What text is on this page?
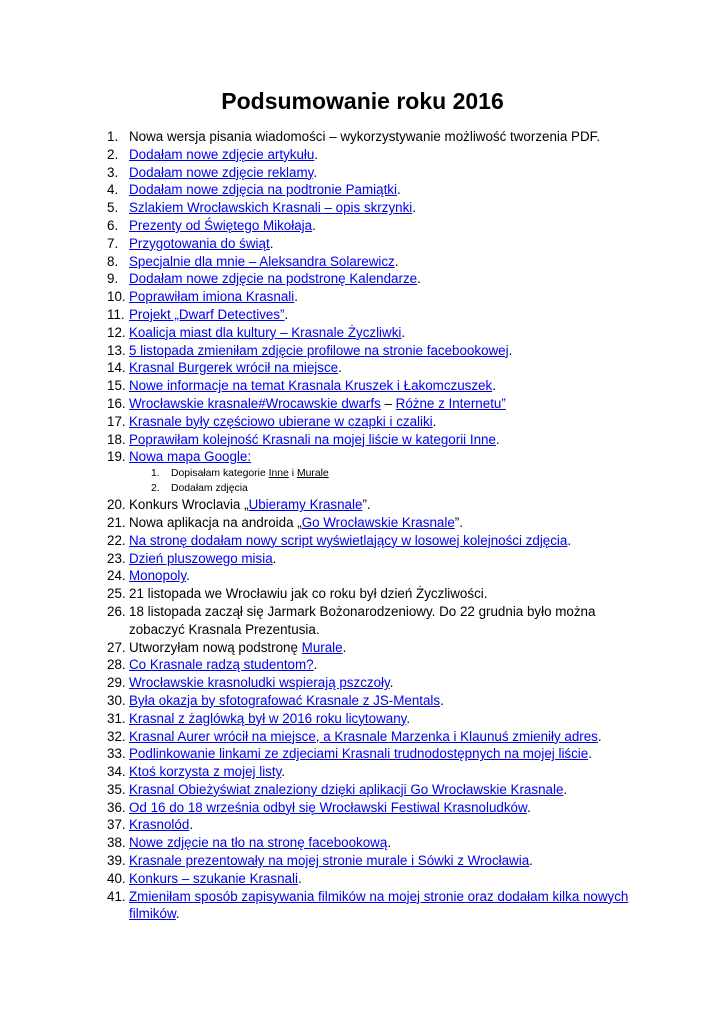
Podsumowanie roku 2016
1. Nowa wersja pisania wiadomości – wykorzystywanie możliwość tworzenia PDF.
2. Dodałam nowe zdjęcie artykułu.
3. Dodałam nowe zdjęcie reklamy.
4. Dodałam nowe zdjęcia na podtronie Pamiątki.
5. Szlakiem Wrocławskich Krasnali – opis skrzynki.
6. Prezenty od Świętego Mikołaja.
7. Przygotowania do świąt.
8. Specjalnie dla mnie – Aleksandra Solarewicz.
9. Dodałam nowe zdjęcie na podstronę Kalendarze.
10. Poprawiłam imiona Krasnali.
11. Projekt „Dwarf Detectives”.
12. Koalicja miast dla kultury – Krasnale Życzliwki.
13. 5 listopada zmieniłam zdjęcie profilowe na stronie facebookowej.
14. Krasnal Burgerek wrócił na miejsce.
15. Nowe informacje na temat Krasnala Kruszek i Łakomczuszek.
16. Wrocławskie krasnale#Wrocawskie dwarfs – Różne z Internetu”
17. Krasnale były częściowo ubierane w czapki i czaliki.
18. Poprawiłam kolejność Krasnali na mojej liście w kategorii Inne.
19. Nowa mapa Google:
1.	Dopisałam kategorie Inne i Murale
2.	Dodałam zdjęcia
20. Konkurs Wroclavia „Ubieramy Krasnale”.
21. Nowa aplikacja na androida „Go Wrocławskie Krasnale”.
22. Na stronę dodałam nowy script wyświetlający w losowej kolejności zdjęcia.
23. Dzień pluszowego misia.
24. Monopoly.
25. 21 listopada we Wrocławiu jak co roku był dzień Życzliwości.
26. 18 listopada zaczął się Jarmark Bożonarodzeniowy. Do 22 grudnia było można zobaczyć Krasnala Prezentusia.
27. Utworzyłam nową podstronę Murale.
28. Co Krasnale radzą studentom?.
29. Wrocławskie krasnoludki wspierają pszczoły.
30. Była okazja by sfotografować Krasnale z JS-Mentals.
31. Krasnal z żaglówką był w 2016 roku licytowany.
32. Krasnal Aurer wrócił na miejsce, a Krasnale Marzenka i Klaunuś zmieniły adres.
33. Podlinkowanie linkami ze zdjeciami Krasnali trudnodostępnych na mojej liście.
34. Ktoś korzysta z mojej listy.
35. Krasnal Obieżyświat znaleziony dzięki aplikacji Go Wrocławskie Krasnale.
36. Od 16 do 18 września odbył się Wrocławski Festiwal Krasnoludków.
37. Krasnolód.
38. Nowe zdjęcie na tło na stronę facebookową.
39. Krasnale prezentowały na mojej stronie murale i Sówki z Wrocławia.
40. Konkurs – szukanie Krasnali.
41. Zmieniłam sposób zapisywania filmików na mojej stronie oraz dodałam kilka nowych filmików.
